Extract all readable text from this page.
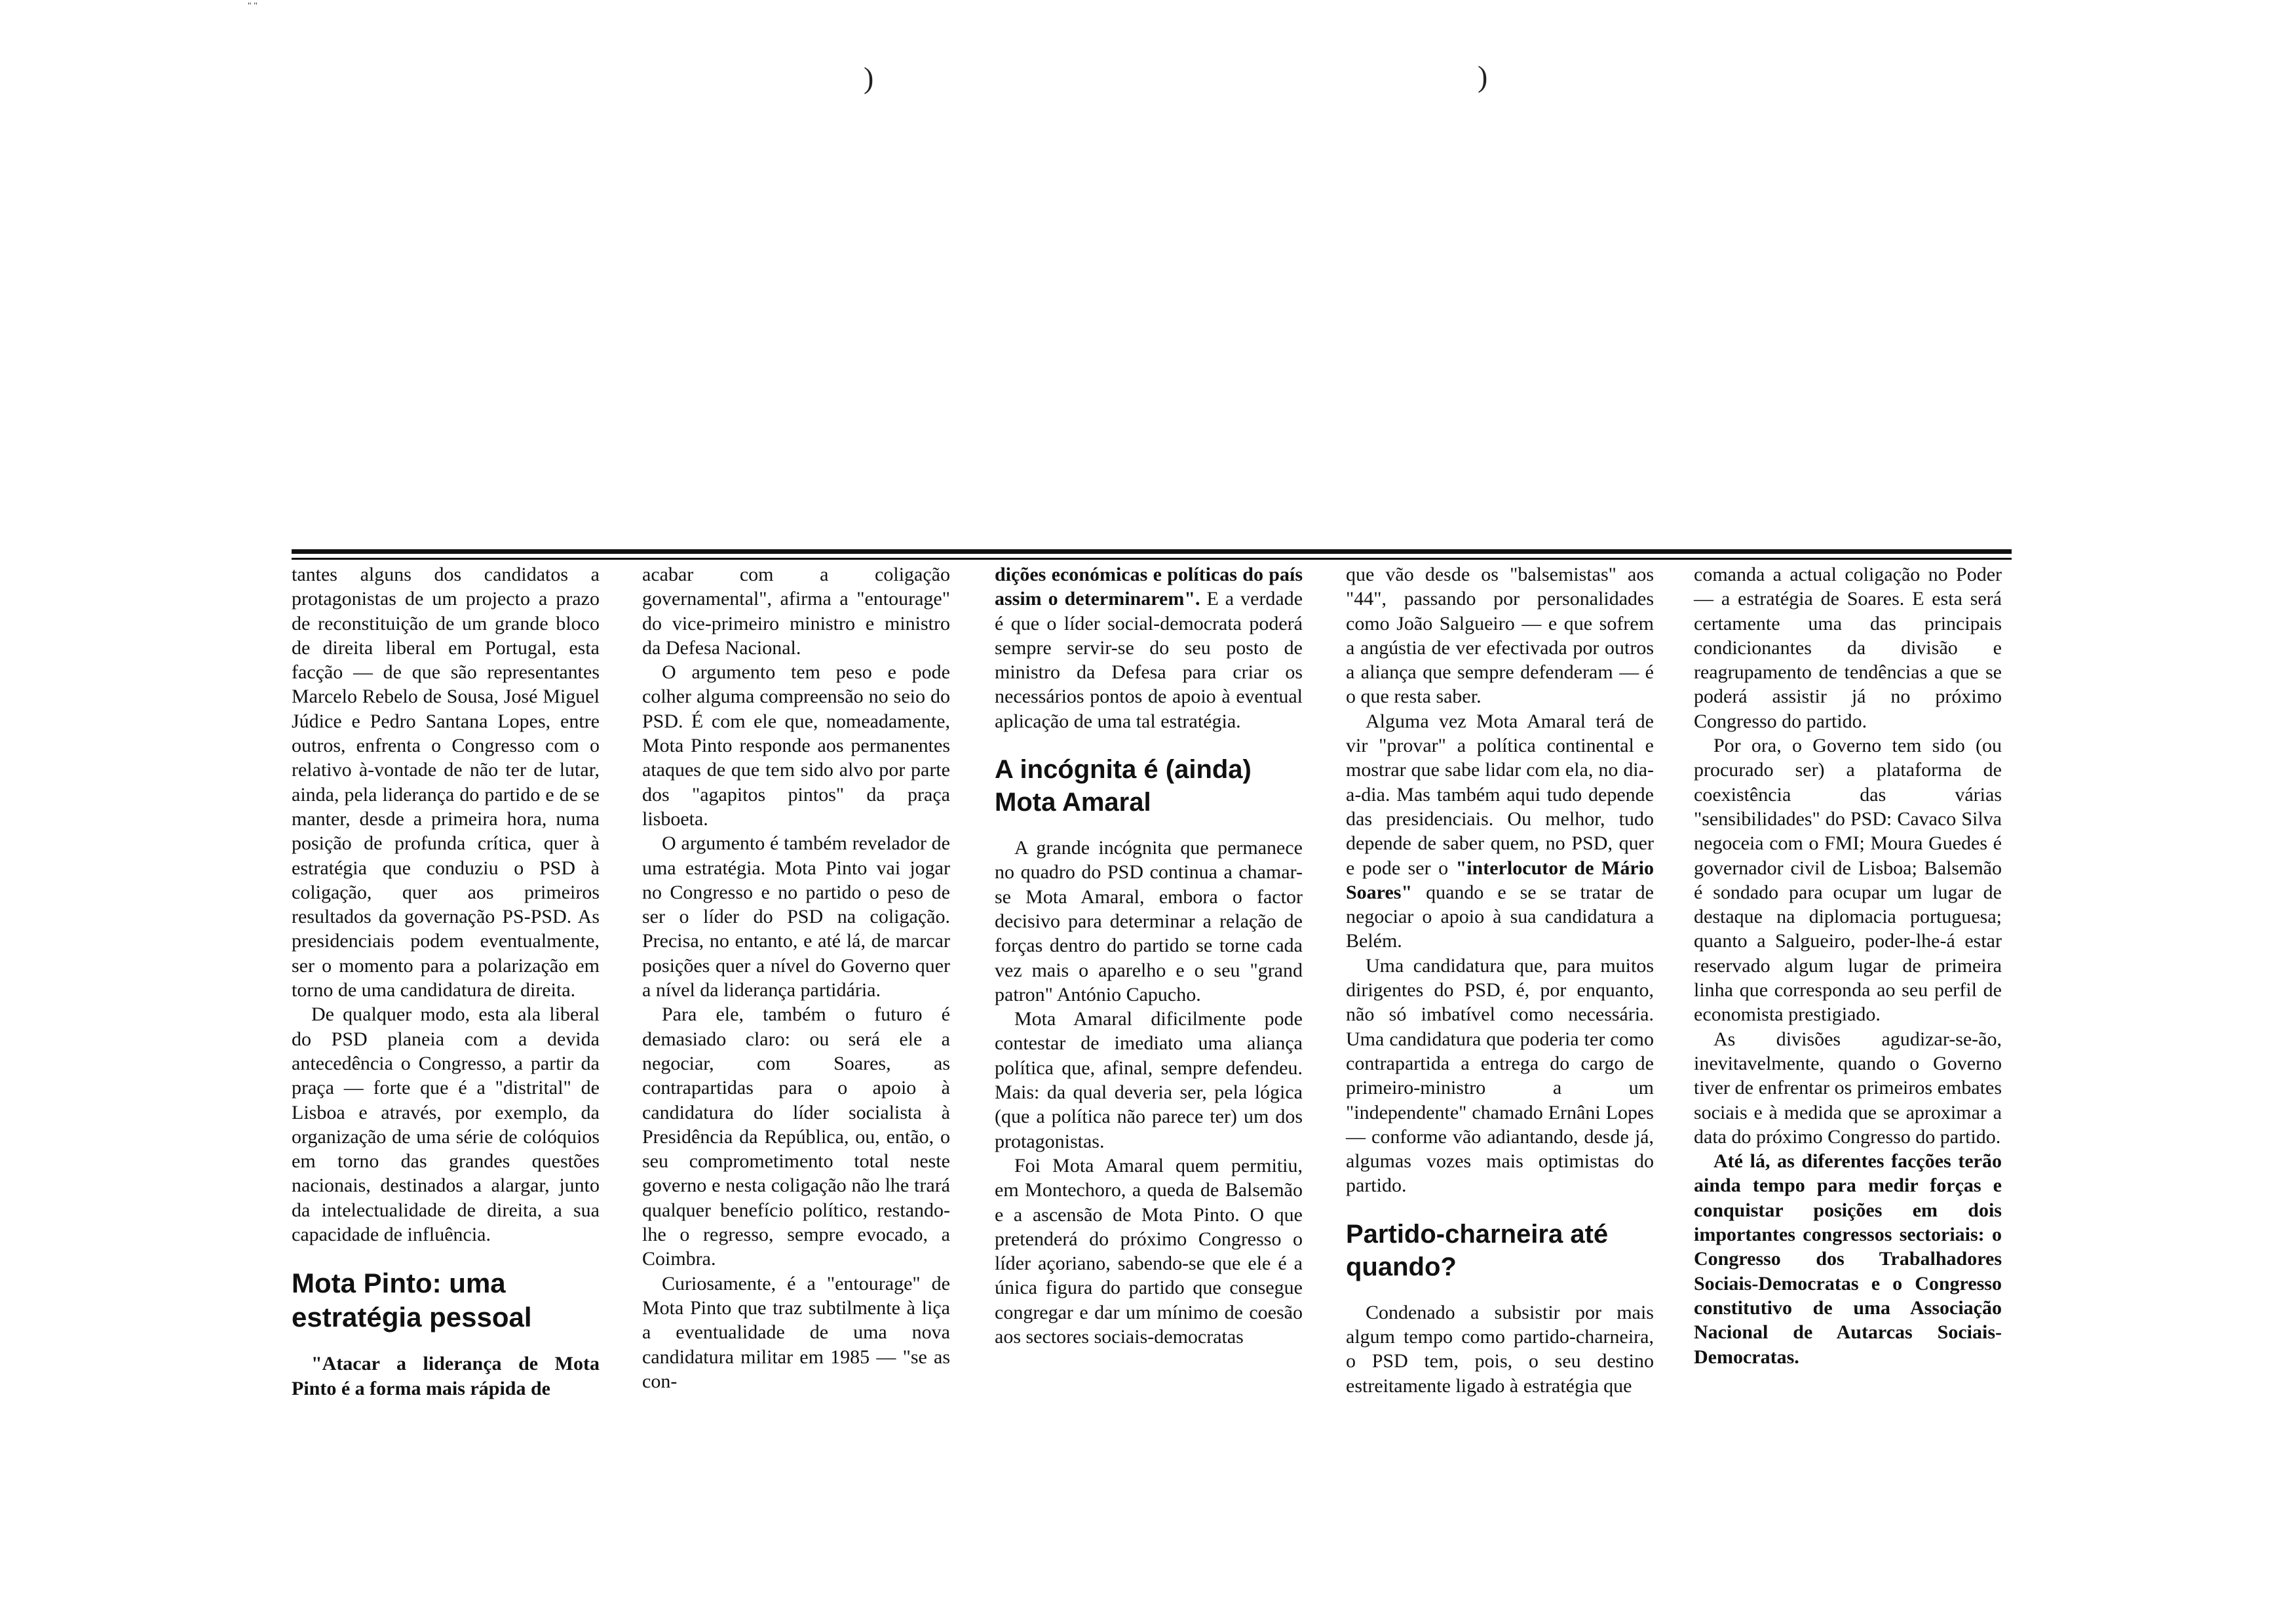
" "
)	)

tantes alguns dos candidatos a protagonistas de um projecto a prazo de reconstituição de um grande bloco de direita liberal em Portugal, esta facção — de que são representantes Marcelo Rebelo de Sousa, José Miguel Júdice e Pedro Santana Lopes, entre outros, enfrenta o Congresso com o relativo à-vontade de não ter de lutar, ainda, pela liderança do partido e de se manter, desde a primeira hora, numa posição de profunda crítica, quer à estratégia que conduziu o PSD à coligação, quer aos primeiros resultados da governação PS-PSD. As presidenciais podem eventualmente, ser o momento para a polarização em torno de uma candidatura de direita.

De qualquer modo, esta ala liberal do PSD planeia com a devida antecedência o Congresso, a partir da praça — forte que é a "distrital" de Lisboa e através, por exemplo, da organização de uma série de colóquios em torno das grandes questões nacionais, destinados a alargar, junto da intelectualidade de direita, a sua capacidade de influência.

Mota Pinto: uma estratégia pessoal

"Atacar a liderança de Mota Pinto é a forma mais rápida de

acabar com a coligação governamental", afirma a "entourage" do vice-primeiro ministro e ministro da Defesa Nacional.

O argumento tem peso e pode colher alguma compreensão no seio do PSD. É com ele que, nomeadamente, Mota Pinto responde aos permanentes ataques de que tem sido alvo por parte dos "agapitos pintos" da praça lisboeta.

O argumento é também revelador de uma estratégia. Mota Pinto vai jogar no Congresso e no partido o peso de ser o líder do PSD na coligação. Precisa, no entanto, e até lá, de marcar posições quer a nível do Governo quer a nível da liderança partidária.

Para ele, também o futuro é demasiado claro: ou será ele a negociar, com Soares, as contrapartidas para o apoio à candidatura do líder socialista à Presidência da República, ou, então, o seu comprometimento total neste governo e nesta coligação não lhe trará qualquer benefício político, restando-lhe o regresso, sempre evocado, a Coimbra.

Curiosamente, é a "entourage" de Mota Pinto que traz subtilmente à liça a eventualidade de uma nova candidatura militar em 1985 — "se as con-

dições económicas e políticas do país assim o determinarem". E a verdade é que o líder social-democrata poderá sempre servir-se do seu posto de ministro da Defesa para criar os necessários pontos de apoio à eventual aplicação de uma tal estratégia.

A incógnita é (ainda) Mota Amaral

A grande incógnita que permanece no quadro do PSD continua a chamar-se Mota Amaral, embora o factor decisivo para determinar a relação de forças dentro do partido se torne cada vez mais o aparelho e o seu "grand patron" António Capucho.

Mota Amaral dificilmente pode contestar de imediato uma aliança política que, afinal, sempre defendeu. Mais: da qual deveria ser, pela lógica (que a política não parece ter) um dos protagonistas.

Foi Mota Amaral quem permitiu, em Montechoro, a queda de Balsemão e a ascensão de Mota Pinto. O que pretenderá do próximo Congresso o líder açoriano, sabendo-se que ele é a única figura do partido que consegue congregar e dar um mínimo de coesão aos sectores sociais-democratas

que vão desde os "balsemistas" aos "44", passando por personalidades como João Salgueiro — e que sofrem a angústia de ver efectivada por outros a aliança que sempre defenderam — é o que resta saber.

Alguma vez Mota Amaral terá de vir "provar" a política continental e mostrar que sabe lidar com ela, no dia-a-dia. Mas também aqui tudo depende das presidenciais. Ou melhor, tudo depende de saber quem, no PSD, quer e pode ser o "interlocutor de Mário Soares" quando e se se tratar de negociar o apoio à sua candidatura a Belém.

Uma candidatura que, para muitos dirigentes do PSD, é, por enquanto, não só imbatível como necessária. Uma candidatura que poderia ter como contrapartida a entrega do cargo de primeiro-ministro a um "independente" chamado Ernâni Lopes — conforme vão adiantando, desde já, algumas vozes mais optimistas do partido.

Partido-charneira até quando?

Condenado a subsistir por mais algum tempo como partido-charneira, o PSD tem, pois, o seu destino estreitamente ligado à estratégia que

comanda a actual coligação no Poder — a estratégia de Soares. E esta será certamente uma das principais condicionantes da divisão e reagrupamento de tendências a que se poderá assistir já no próximo Congresso do partido.

Por ora, o Governo tem sido (ou procurado ser) a plataforma de coexistência das várias "sensibilidades" do PSD: Cavaco Silva negoceia com o FMI; Moura Guedes é governador civil de Lisboa; Balsemão é sondado para ocupar um lugar de destaque na diplomacia portuguesa; quanto a Salgueiro, poder-lhe-á estar reservado algum lugar de primeira linha que corresponda ao seu perfil de economista prestigiado.

As divisões agudizar-se-ão, inevitavelmente, quando o Governo tiver de enfrentar os primeiros embates sociais e à medida que se aproximar a data do próximo Congresso do partido.

Até lá, as diferentes facções terão ainda tempo para medir forças e conquistar posições em dois importantes congressos sectoriais: o Congresso dos Trabalhadores Sociais-Democratas e o Congresso constitutivo de uma Associação Nacional de Autarcas Sociais-Democratas.
